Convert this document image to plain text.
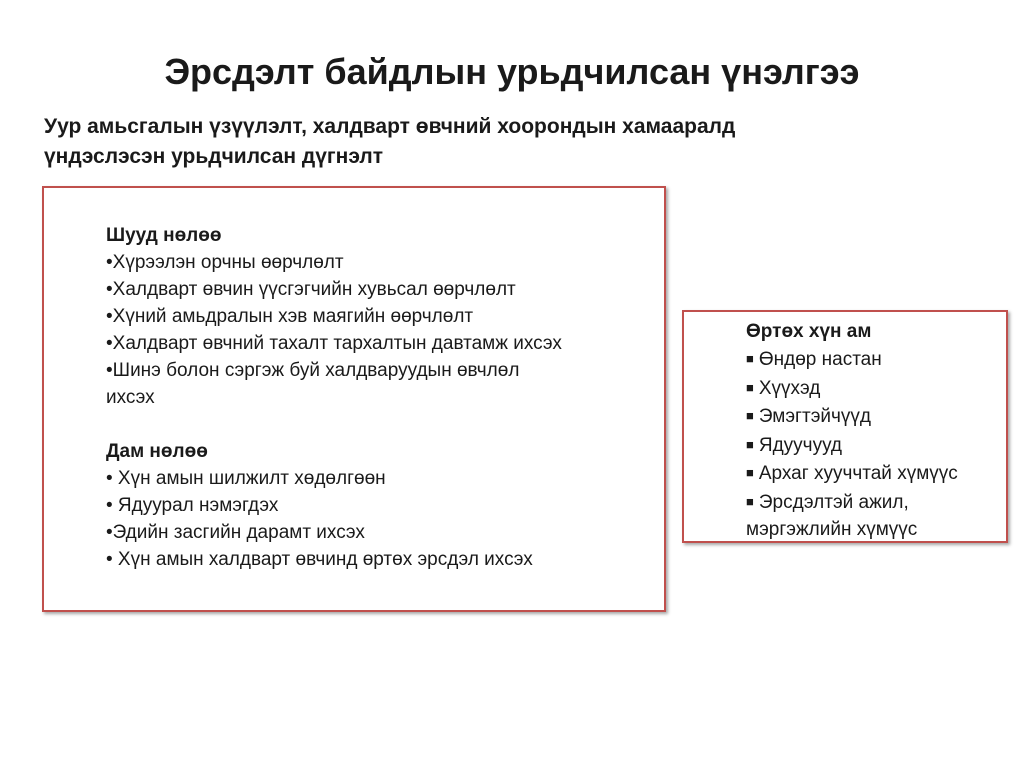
Эрсдэлт байдлын урьдчилсан үнэлгээ
Уур амьсгалын үзүүлэлт, халдварт өвчний хоорондын хамааралд
үндэслэсэн урьдчилсан дүгнэлт
Шууд нөлөө
•Хүрээлэн орчны өөрчлөлт
•Халдварт өвчин үүсгэгчийн хувьсал өөрчлөлт
•Хүний амьдралын хэв маягийн өөрчлөлт
•Халдварт өвчний тахалт тархалтын давтамж ихсэх
•Шинэ болон сэргэж буй халдваруудын өвчлөл
ихсэх
Дам нөлөө
• Хүн амын шилжилт хөдөлгөөн
• Ядуурал нэмэгдэх
•Эдийн засгийн дарамт ихсэх
• Хүн амын халдварт өвчинд өртөх эрсдэл ихсэх
Өртөх хүн ам
■ Өндөр настан
■ Хүүхэд
■ Эмэгтэйчүүд
■ Ядуучууд
■ Архаг хууччтай хүмүүс
■ Эрсдэлтэй ажил,
мэргэжлийн хүмүүс
